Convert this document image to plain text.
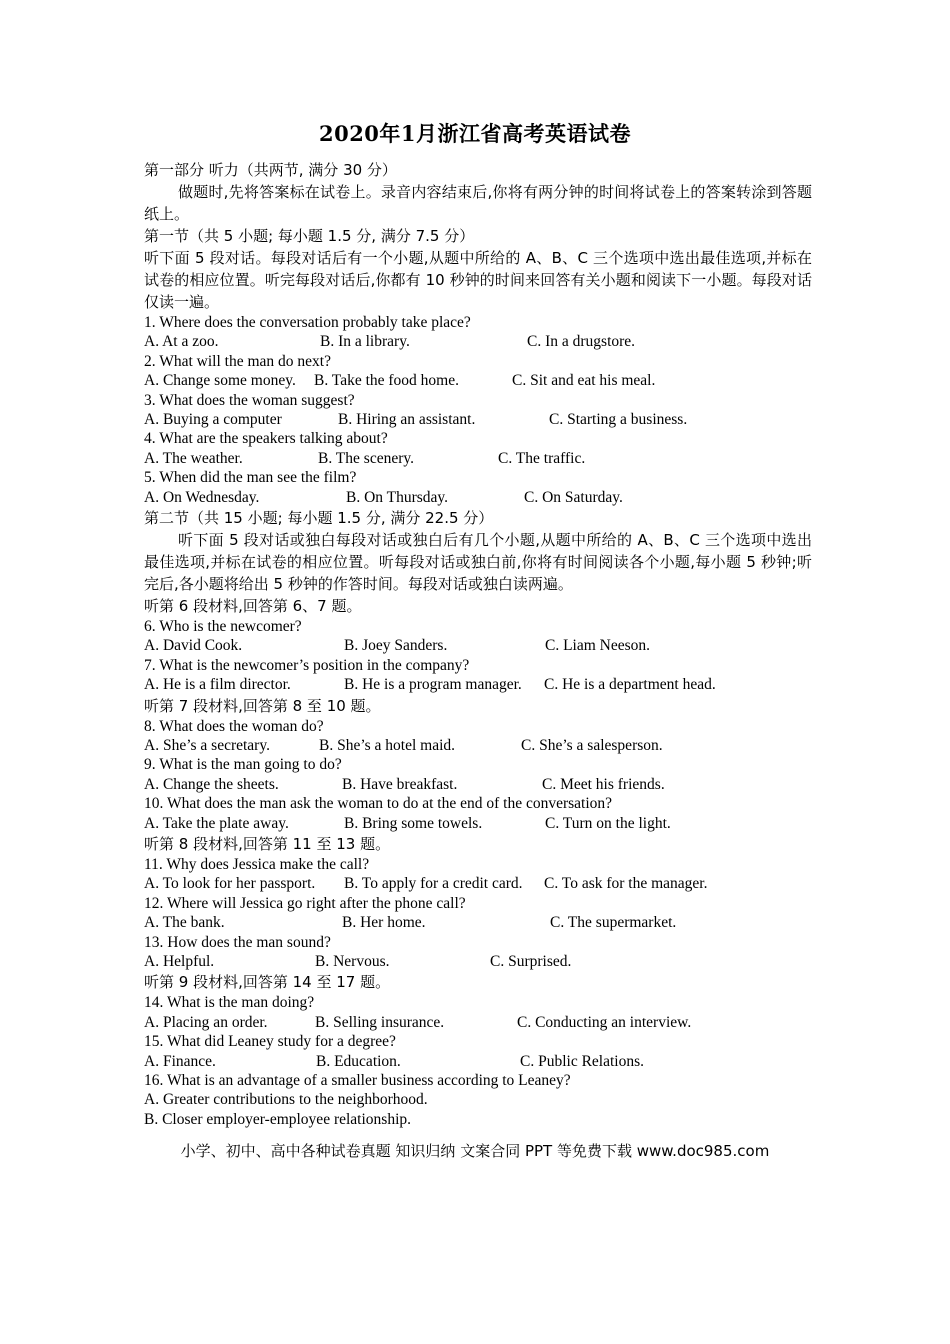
2020年1月浙江省高考英语试卷

第一部分 听力（共两节, 满分 30 分）

做题时,先将答案标在试卷上。录音内容结束后,你将有两分钟的时间将试卷上的答案转涂到答题纸上。

第一节（共 5 小题; 每小题 1.5 分, 满分 7.5 分）

听下面 5 段对话。每段对话后有一个小题,从题中所给的 A、B、C 三个选项中选出最佳选项,并标在试卷的相应位置。听完每段对话后,你都有 10 秒钟的时间来回答有关小题和阅读下一小题。每段对话仅读一遍。

1. Where does the conversation probably take place?

A. At a zoo.	B. In a library.	C. In a drugstore.

2. What will the man do next?

A. Change some money. B. Take the food home.	C. Sit and eat his meal.

3. What does the woman suggest?

A. Buying a computer	B. Hiring an assistant.	C. Starting a business.

4. What are the speakers talking about?

A. The weather.	B. The scenery.	C. The traffic.

5. When did the man see the film?

A. On Wednesday.	B. On Thursday.	C. On Saturday.

第二节（共 15 小题; 每小题 1.5 分, 满分 22.5 分）

听下面 5 段对话或独白每段对话或独白后有几个小题,从题中所给的 A、B、C 三个选项中选出最佳选项,并标在试卷的相应位置。听每段对话或独白前,你将有时间阅读各个小题,每小题 5 秒钟;听完后,各小题将给出 5 秒钟的作答时间。每段对话或独白读两遍。

听第 6 段材料,回答第 6、7 题。

6. Who is the newcomer?

A. David Cook.	B. Joey Sanders.	C. Liam Neeson.

7. What is the newcomer’s position in the company?

A. He is a film director.	B. He is a program manager. C. He is a department head.

听第 7 段材料,回答第 8 至 10 题。

8. What does the woman do?

A. She’s a secretary.	B. She’s a hotel maid.	C. She’s a salesperson.

9. What is the man going to do?

A. Change the sheets.	B. Have breakfast.	C. Meet his friends.

10. What does the man ask the woman to do at the end of the conversation?

A. Take the plate away.	B. Bring some towels.	C. Turn on the light.

听第 8 段材料,回答第 11 至 13 题。

11. Why does Jessica make the call?

A. To look for her passport. B. To apply for a credit card. C. To ask for the manager.

12. Where will Jessica go right after the phone call?

A. The bank.	B. Her home.	C. The supermarket.

13. How does the man sound?

A. Helpful.	B. Nervous.	C. Surprised.

听第 9 段材料,回答第 14 至 17 题。

14. What is the man doing?

A. Placing an order.	B. Selling insurance.	C. Conducting an interview.

15. What did Leaney study for a degree?

A. Finance.	B. Education.	C. Public Relations.

16. What is an advantage of a smaller business according to Leaney?

A. Greater contributions to the neighborhood.

B. Closer employer-employee relationship.

小学、初中、高中各种试卷真题 知识归纳 文案合同 PPT 等免费下载 www.doc985.com
